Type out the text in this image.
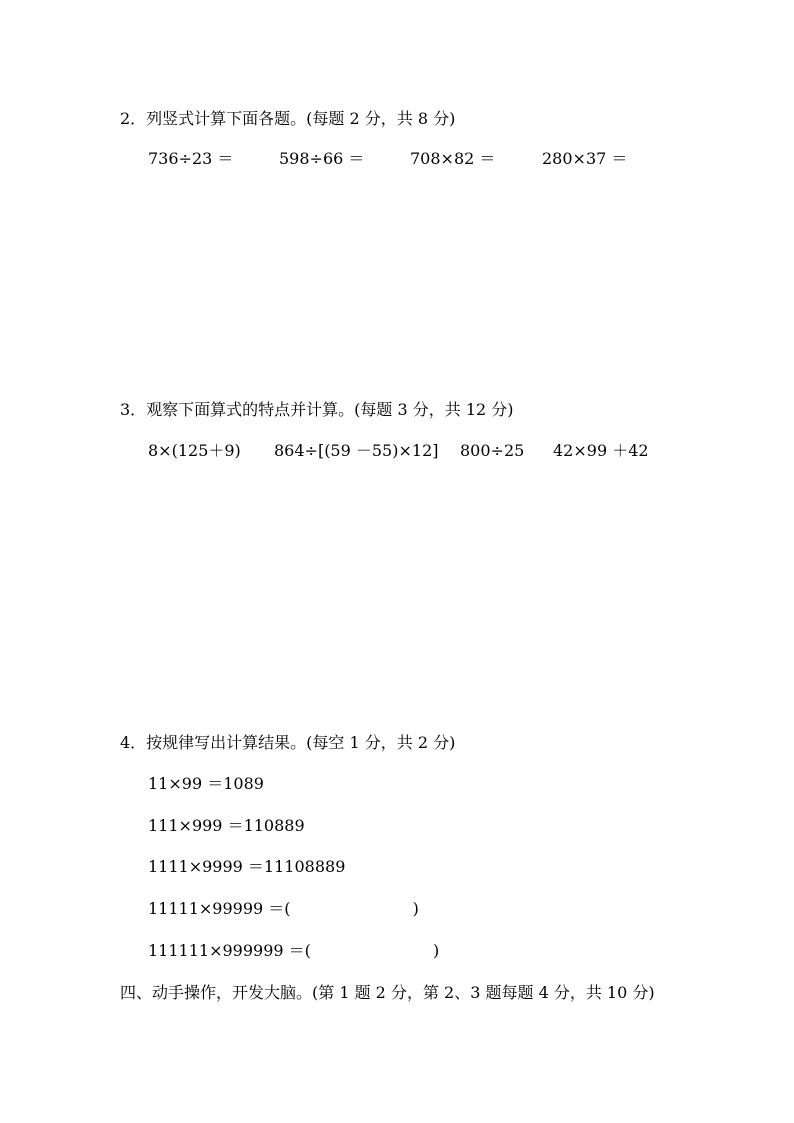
2．列竖式计算下面各题。(每题 2 分，共 8 分)
736÷23 ＝	598÷66 ＝	708×82 ＝	280×37 ＝
3．观察下面算式的特点并计算。(每题 3 分，共 12 分)
8×(125＋9) 864÷[(59 －55)×12] 800÷25 42×99 ＋42
4．按规律写出计算结果。(每空 1 分，共 2 分)
11×99 ＝1089
111×999 ＝110889
1111×9999 ＝11108889
11111×99999 ＝(                        )
111111×999999 ＝(                        )
四、动手操作，开发大脑。(第 1 题 2 分，第 2、3 题每题 4 分，共 10 分)
